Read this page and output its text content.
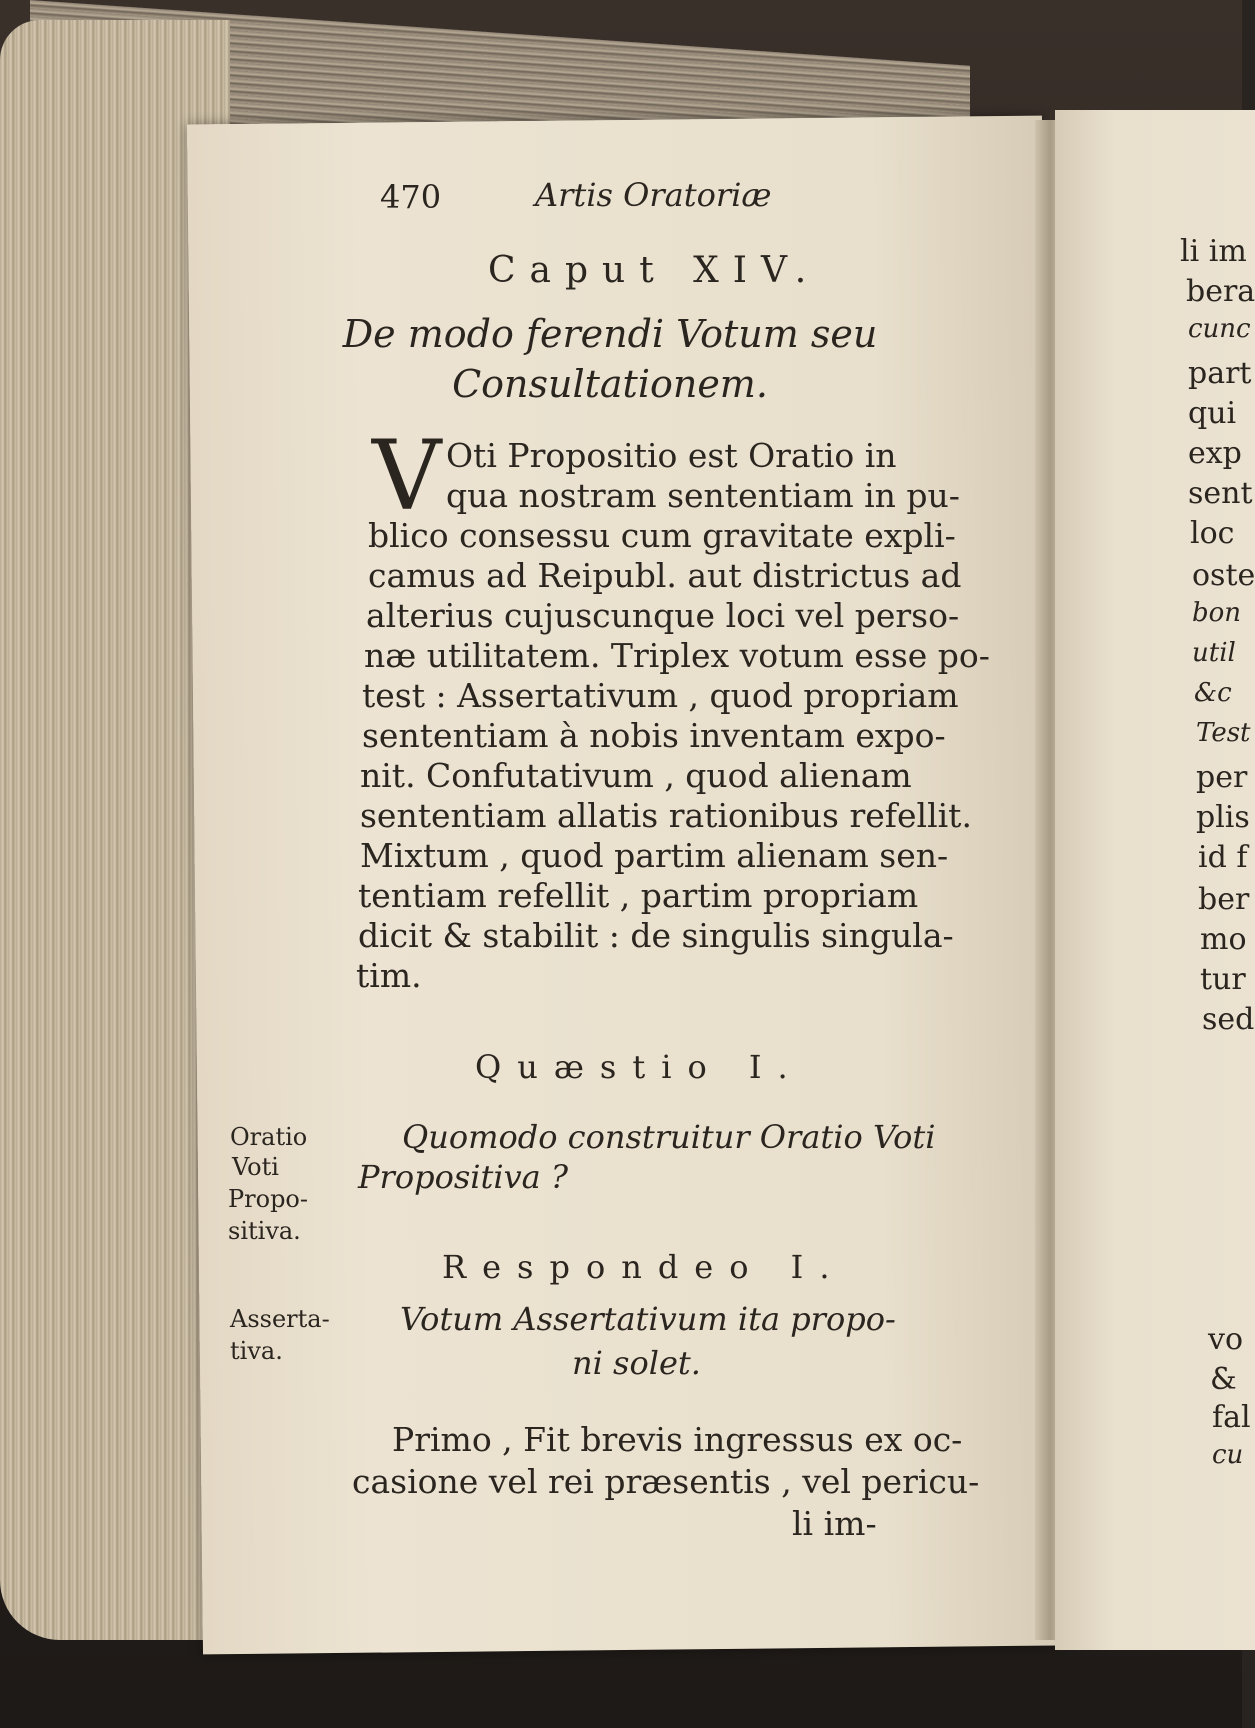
470	Artis Oratoriæ
Caput XIV.
De modo ferendi Votum seu
Consultationem.
V Oti Propositio est Oratio in
qua nostram sententiam in pu-
blico consessu cum gravitate expli-
camus ad Reipubl. aut districtus ad
alterius cujuscunque loci vel perso-
næ utilitatem. Triplex votum esse po-
test : Assertativum , quod propriam
sententiam à nobis inventam expo-
nit. Confutativum , quod alienam
sententiam allatis rationibus refellit.
Mixtum , quod partim alienam sen-
tentiam refellit , partim propriam
dicit & stabilit : de singulis singula-
tim.
Quæstio I.
Quomodo construitur Oratio Voti
Propositiva ?
Oratio
Voti
Propo-
sitiva.
Asserta-
tiva.
Respondeo I.
Votum Assertativum ita propo-
ni solet.
Primo , Fit brevis ingressus ex oc-
casione vel rei præsentis , vel pericu-
li im-
li im
bera
cunc
part
qui
exp
sent
loc
oste
bon
util
&c
Test
per
plis
id f
ber
mo
tur
sed
vo
&
fal
cu
